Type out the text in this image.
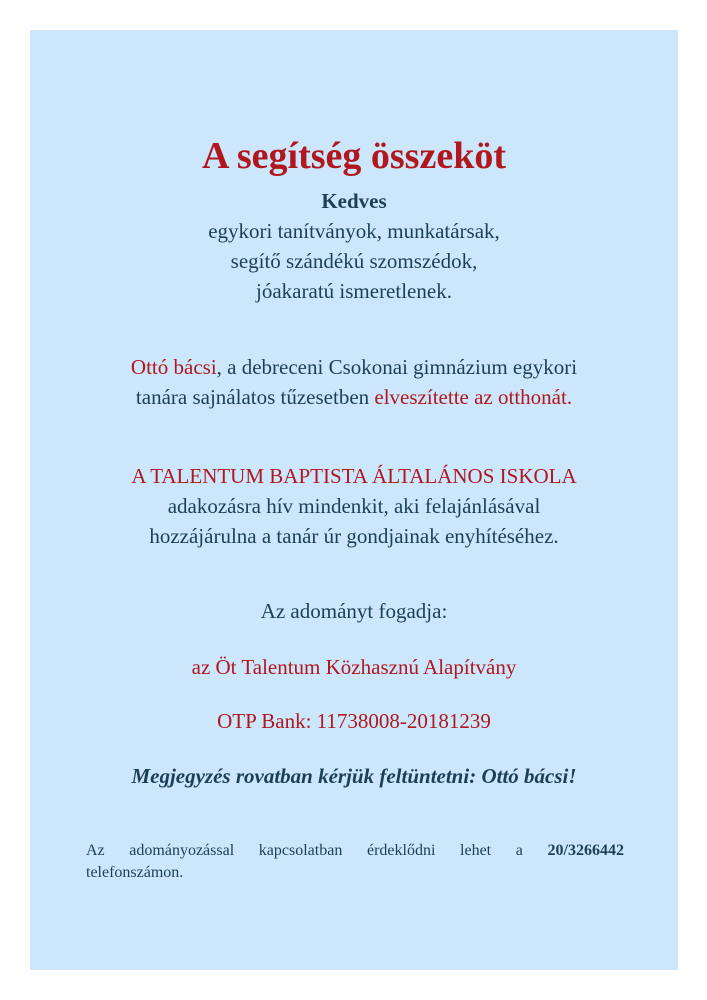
A segítség összeköt
Kedves
egykori tanítványok, munkatársak,
segítő szándékú szomszédok,
jóakaratú ismeretlenek.
Ottó bácsi, a debreceni Csokonai gimnázium egykori
tanára sajnálatos tűzesetben elveszítette az otthonát.
A TALENTUM BAPTISTA ÁLTALÁNOS ISKOLA
adakozásra hív mindenkit, aki felajánlásával
hozzájárulna a tanár úr gondjainak enyhítéséhez.
Az adományt fogadja:
az Öt Talentum Közhasznú Alapítvány
OTP Bank: 11738008-20181239
Megjegyzés rovatban kérjük feltüntetni: Ottó bácsi!
Az adományozással kapcsolatban érdeklődni lehet a 20/3266442
telefonszámon.
